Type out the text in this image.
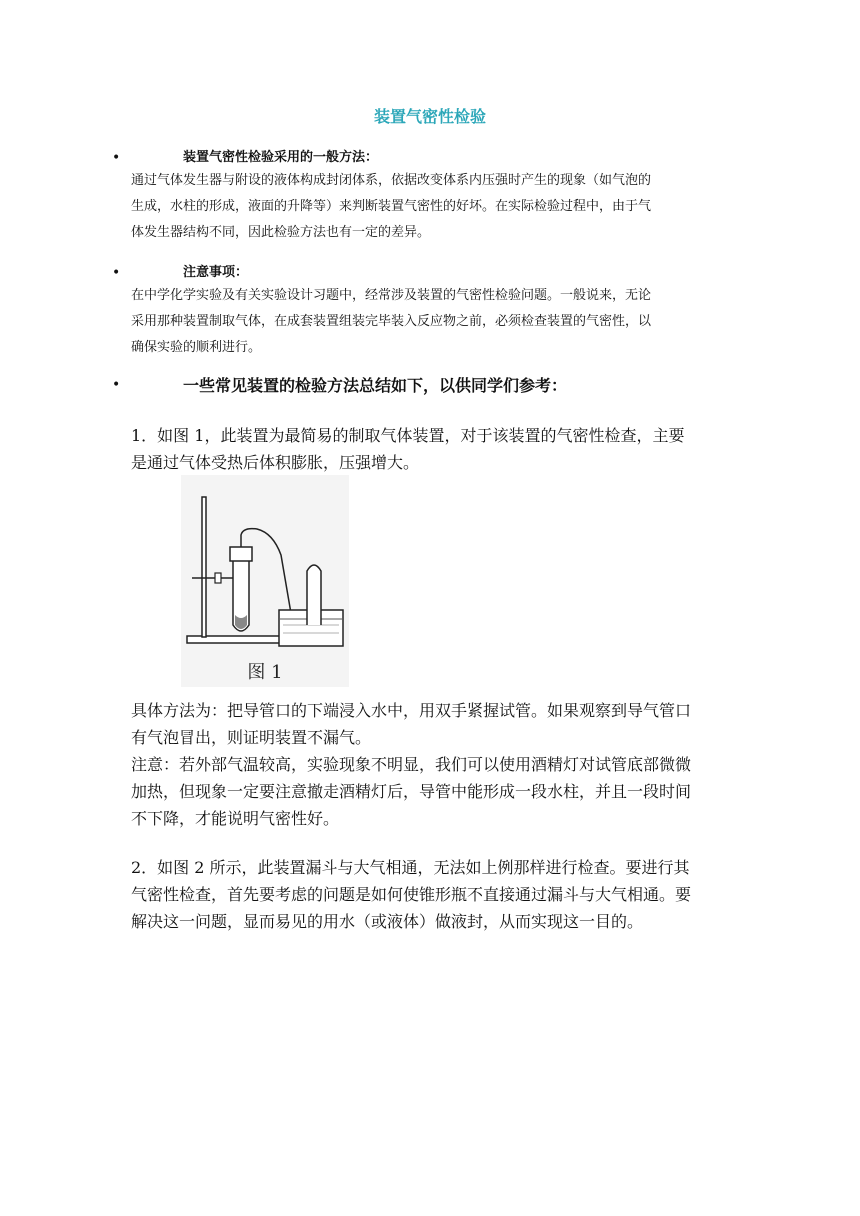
装置气密性检验
•	装置气密性检验采用的一般方法：
通过气体发生器与附设的液体构成封闭体系，依据改变体系内压强时产生的现象（如气泡的
生成，水柱的形成，液面的升降等）来判断装置气密性的好坏。在实际检验过程中，由于气
体发生器结构不同，因此检验方法也有一定的差异。
•	注意事项：
在中学化学实验及有关实验设计习题中，经常涉及装置的气密性检验问题。一般说来，无论
采用那种装置制取气体，在成套装置组装完毕装入反应物之前，必须检查装置的气密性，以
确保实验的顺利进行。
•	一些常见装置的检验方法总结如下，以供同学们参考：
1．如图 1，此装置为最简易的制取气体装置，对于该装置的气密性检查，主要
是通过气体受热后体积膨胀，压强增大。
图 1
具体方法为：把导管口的下端浸入水中，用双手紧握试管。如果观察到导气管口
有气泡冒出，则证明装置不漏气。
注意：若外部气温较高，实验现象不明显，我们可以使用酒精灯对试管底部微微
加热，但现象一定要注意撤走酒精灯后，导管中能形成一段水柱，并且一段时间
不下降，才能说明气密性好。
2．如图 2 所示，此装置漏斗与大气相通，无法如上例那样进行检查。要进行其
气密性检查，首先要考虑的问题是如何使锥形瓶不直接通过漏斗与大气相通。要
解决这一问题，显而易见的用水（或液体）做液封，从而实现这一目的。
